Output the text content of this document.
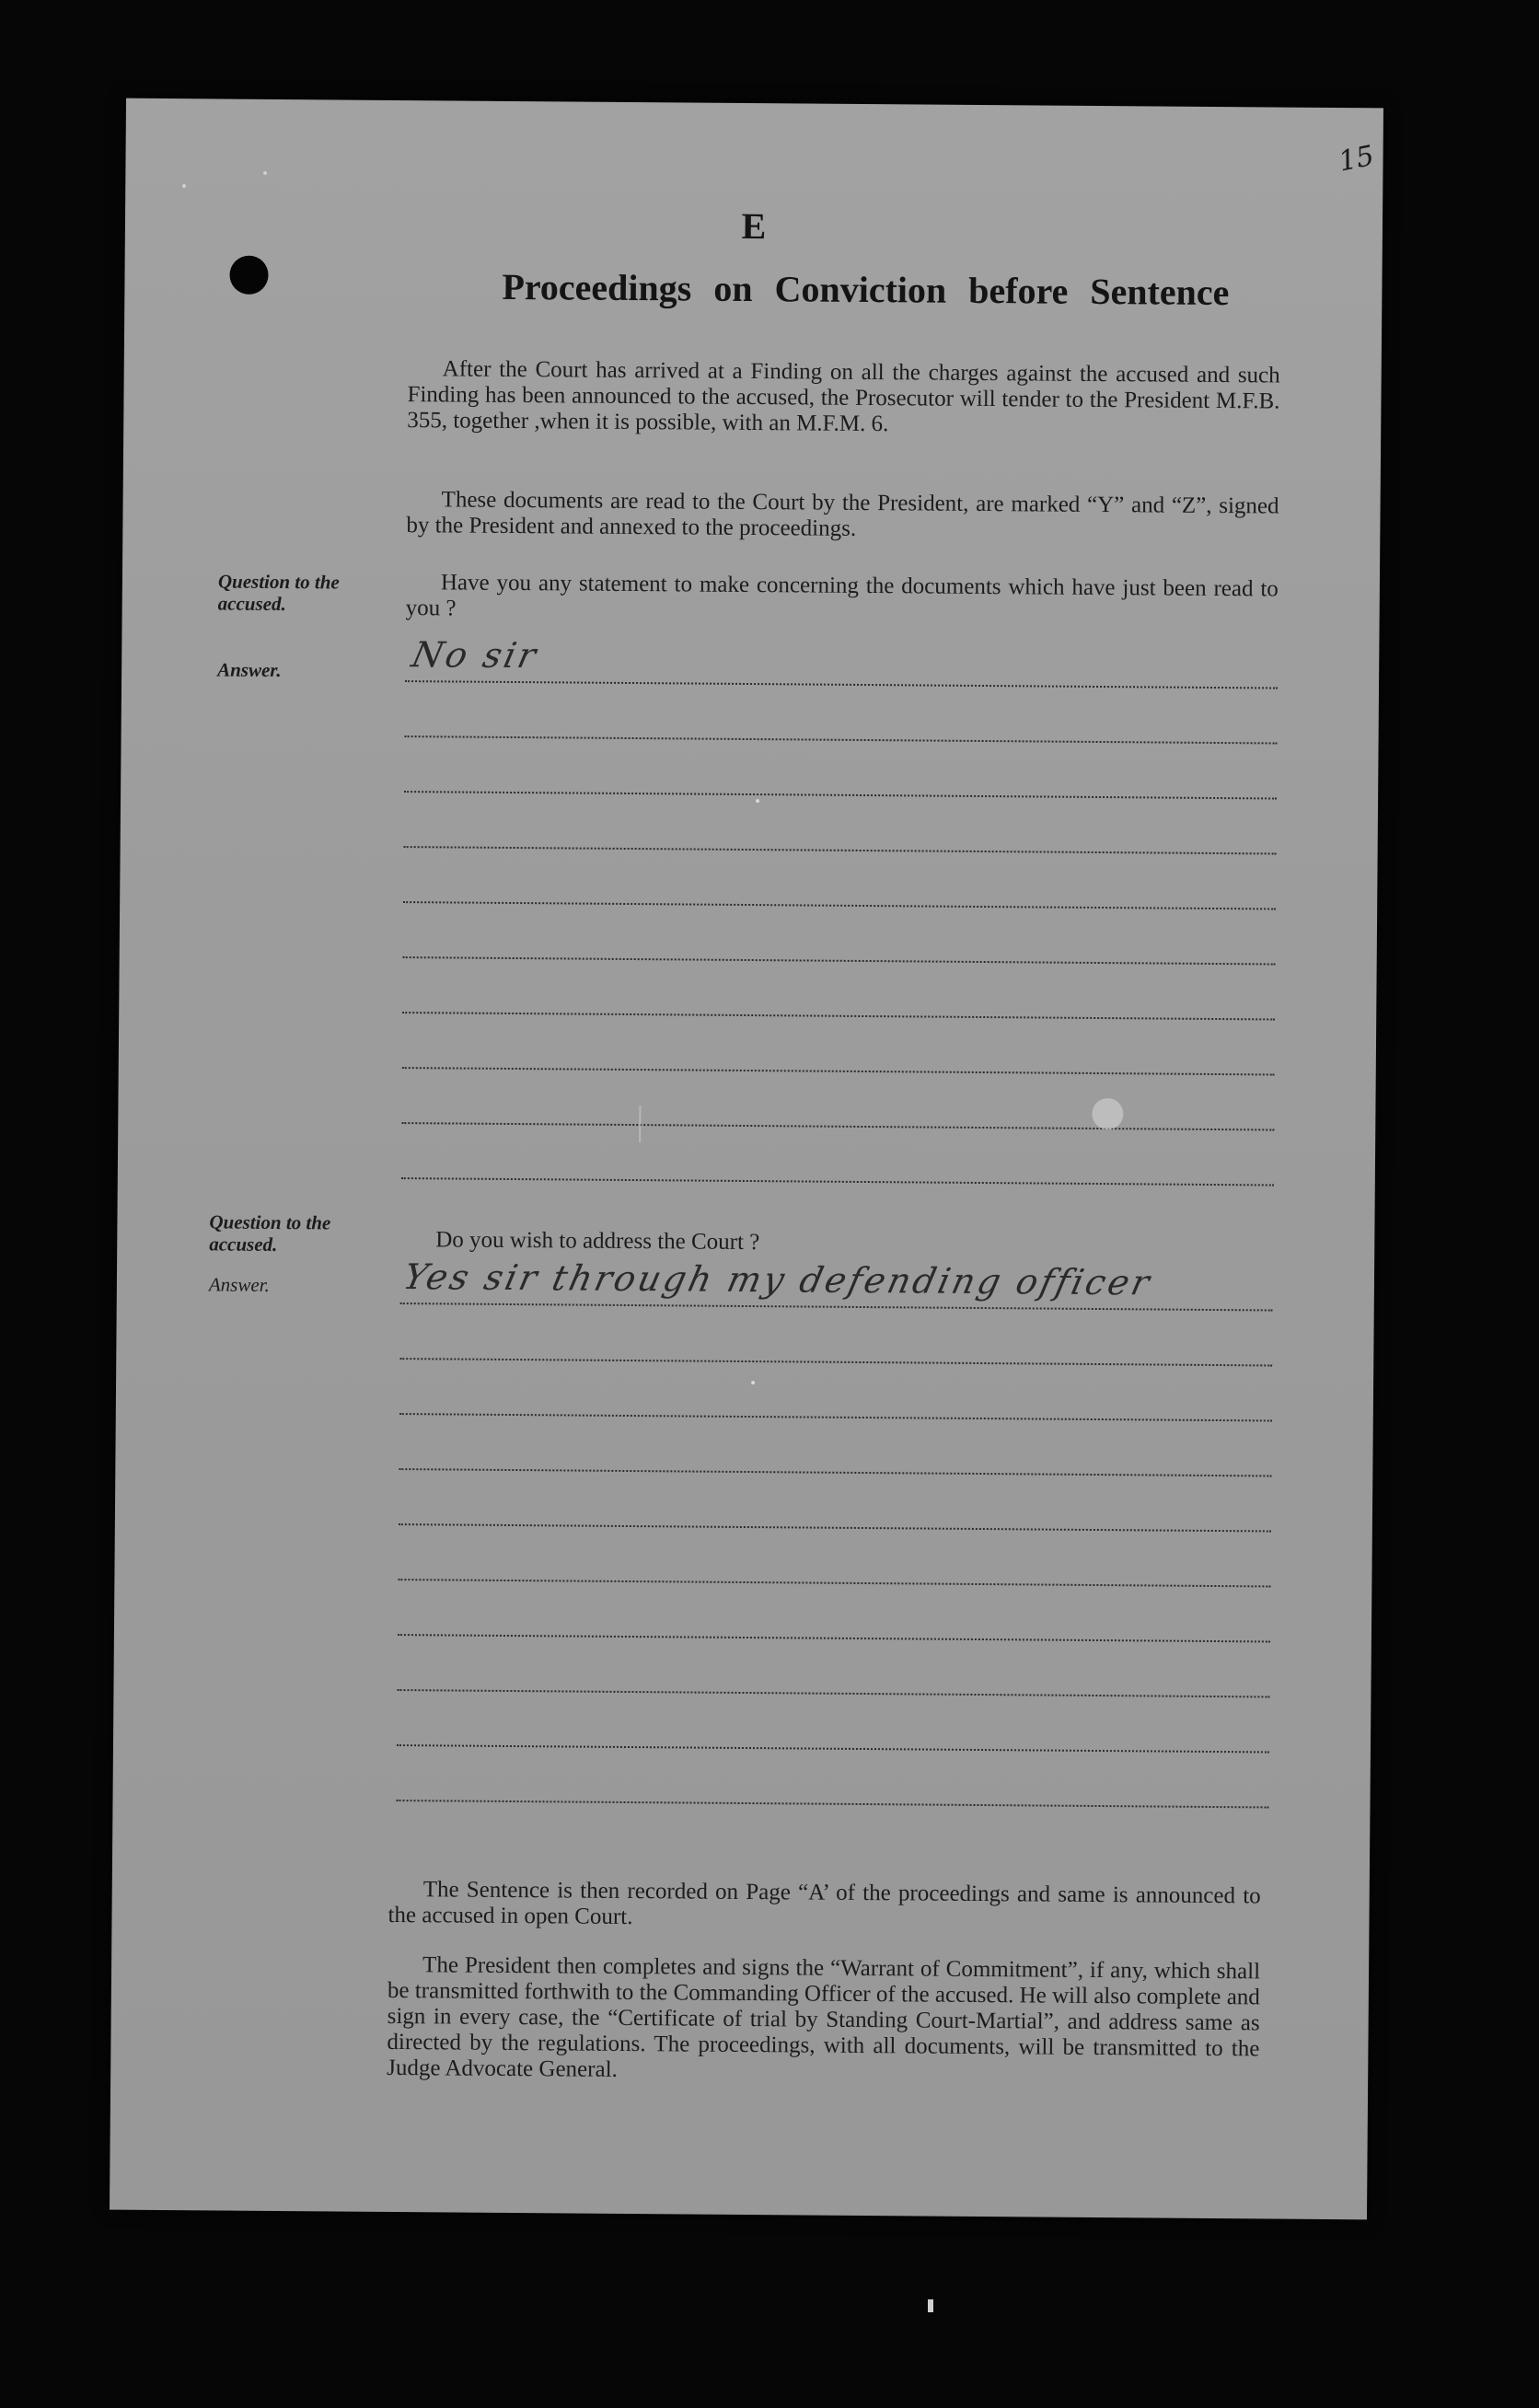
15
E
Proceedings on Conviction before Sentence
After the Court has arrived at a Finding on all the charges against the accused and such Finding has been announced to the accused, the Prosecutor will tender to the President M.F.B. 355, together ,when it is possible, with an M.F.M. 6.
These documents are read to the Court by the President, are marked “Y” and “Z”, signed by the President and annexed to the proceedings.
Question to the accused.
Have you any statement to make concerning the documents which have just been read to you ?
Answer.	No sir
Question to the accused.	Do you wish to address the Court ?
Answer.	Yes sir through my defending officer
The Sentence is then recorded on Page “A’ of the proceedings and same is announced to the accused in open Court.
The President then completes and signs the “Warrant of Commitment”, if any, which shall be transmitted forthwith to the Commanding Officer of the accused. He will also complete and sign in every case, the “Certificate of trial by Standing Court-Martial”, and address same as directed by the regulations. The proceedings, with all documents, will be transmitted to the Judge Advocate General.
